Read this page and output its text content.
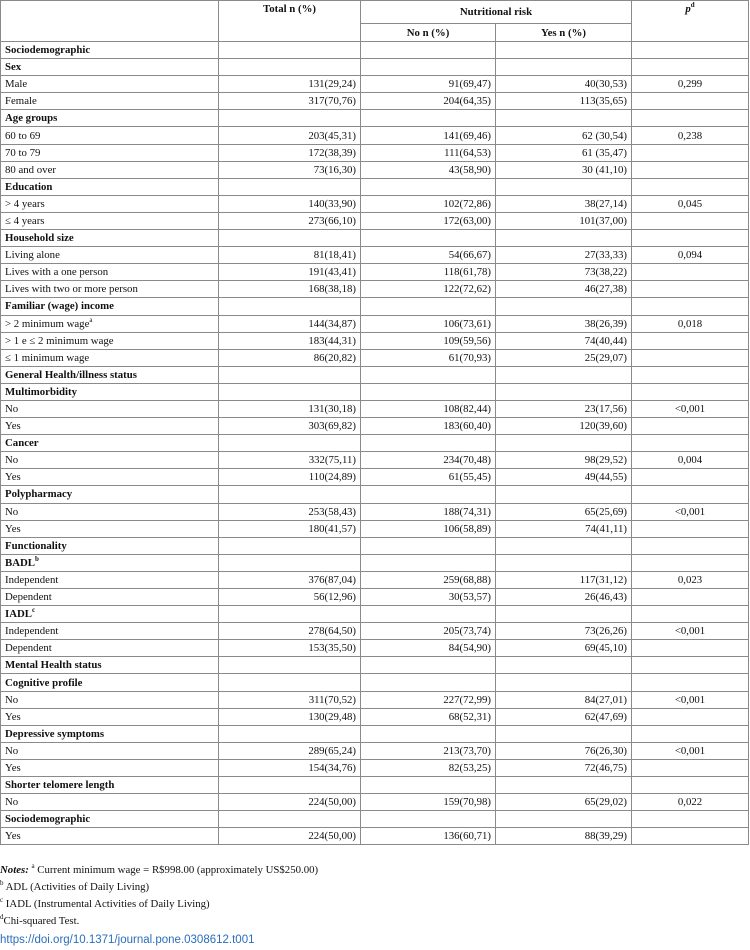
	Total n (%)	Nutritional risk		$p^d$
		No n (%)	Yes n (%)	
Sociodemographic				
Sex				
Male	131(29,24)	91(69,47)	40(30,53)	0,299
Female	317(70,76)	204(64,35)	113(35,65)	
Age groups				
60 to 69	203(45,31)	141(69,46)	62 (30,54)	0,238
70 to 79	172(38,39)	111(64,53)	61 (35,47)	
80 and over	73(16,30)	43(58,90)	30 (41,10)	
Education				
> 4 years	140(33,90)	102(72,86)	38(27,14)	0,045
≤ 4 years	273(66,10)	172(63,00)	101(37,00)	
Household size				
Living alone	81(18,41)	54(66,67)	27(33,33)	0,094
Lives with a one person	191(43,41)	118(61,78)	73(38,22)	
Lives with two or more person	168(38,18)	122(72,62)	46(27,38)	
Familiar (wage) income				
> 2 minimum wage$^a$	144(34,87)	106(73,61)	38(26,39)	0,018
> 1 e ≤ 2 minimum wage	183(44,31)	109(59,56)	74(40,44)	
≤ 1 minimum wage	86(20,82)	61(70,93)	25(29,07)	
General Health/illness status				
Multimorbidity				
No	131(30,18)	108(82,44)	23(17,56)	<0,001
Yes	303(69,82)	183(60,40)	120(39,60)	
Cancer				
No	332(75,11)	234(70,48)	98(29,52)	0,004
Yes	110(24,89)	61(55,45)	49(44,55)	
Polypharmacy				
No	253(58,43)	188(74,31)	65(25,69)	<0,001
Yes	180(41,57)	106(58,89)	74(41,11)	
Functionality				
BADL$^b$				
Independent	376(87,04)	259(68,88)	117(31,12)	0,023
Dependent	56(12,96)	30(53,57)	26(46,43)	
IADL$^c$				
Independent	278(64,50)	205(73,74)	73(26,26)	<0,001
Dependent	153(35,50)	84(54,90)	69(45,10)	
Mental Health status				
Cognitive profile				
No	311(70,52)	227(72,99)	84(27,01)	<0,001
Yes	130(29,48)	68(52,31)	62(47,69)	
Depressive symptoms				
No	289(65,24)	213(73,70)	76(26,30)	<0,001
Yes	154(34,76)	82(53,25)	72(46,75)	
Shorter telomere length				
No	224(50,00)	159(70,98)	65(29,02)	0,022
Sociodemographic				
Yes	224(50,00)	136(60,71)	88(39,29)	
Notes: $^a$ Current minimum wage = R$998.00 (approximately US$250.00)
$^b$ ADL (Activities of Daily Living)
$^c$ IADL (Instrumental Activities of Daily Living)
$^d$Chi-squared Test.
https://doi.org/10.1371/journal.pone.0308612.t001
